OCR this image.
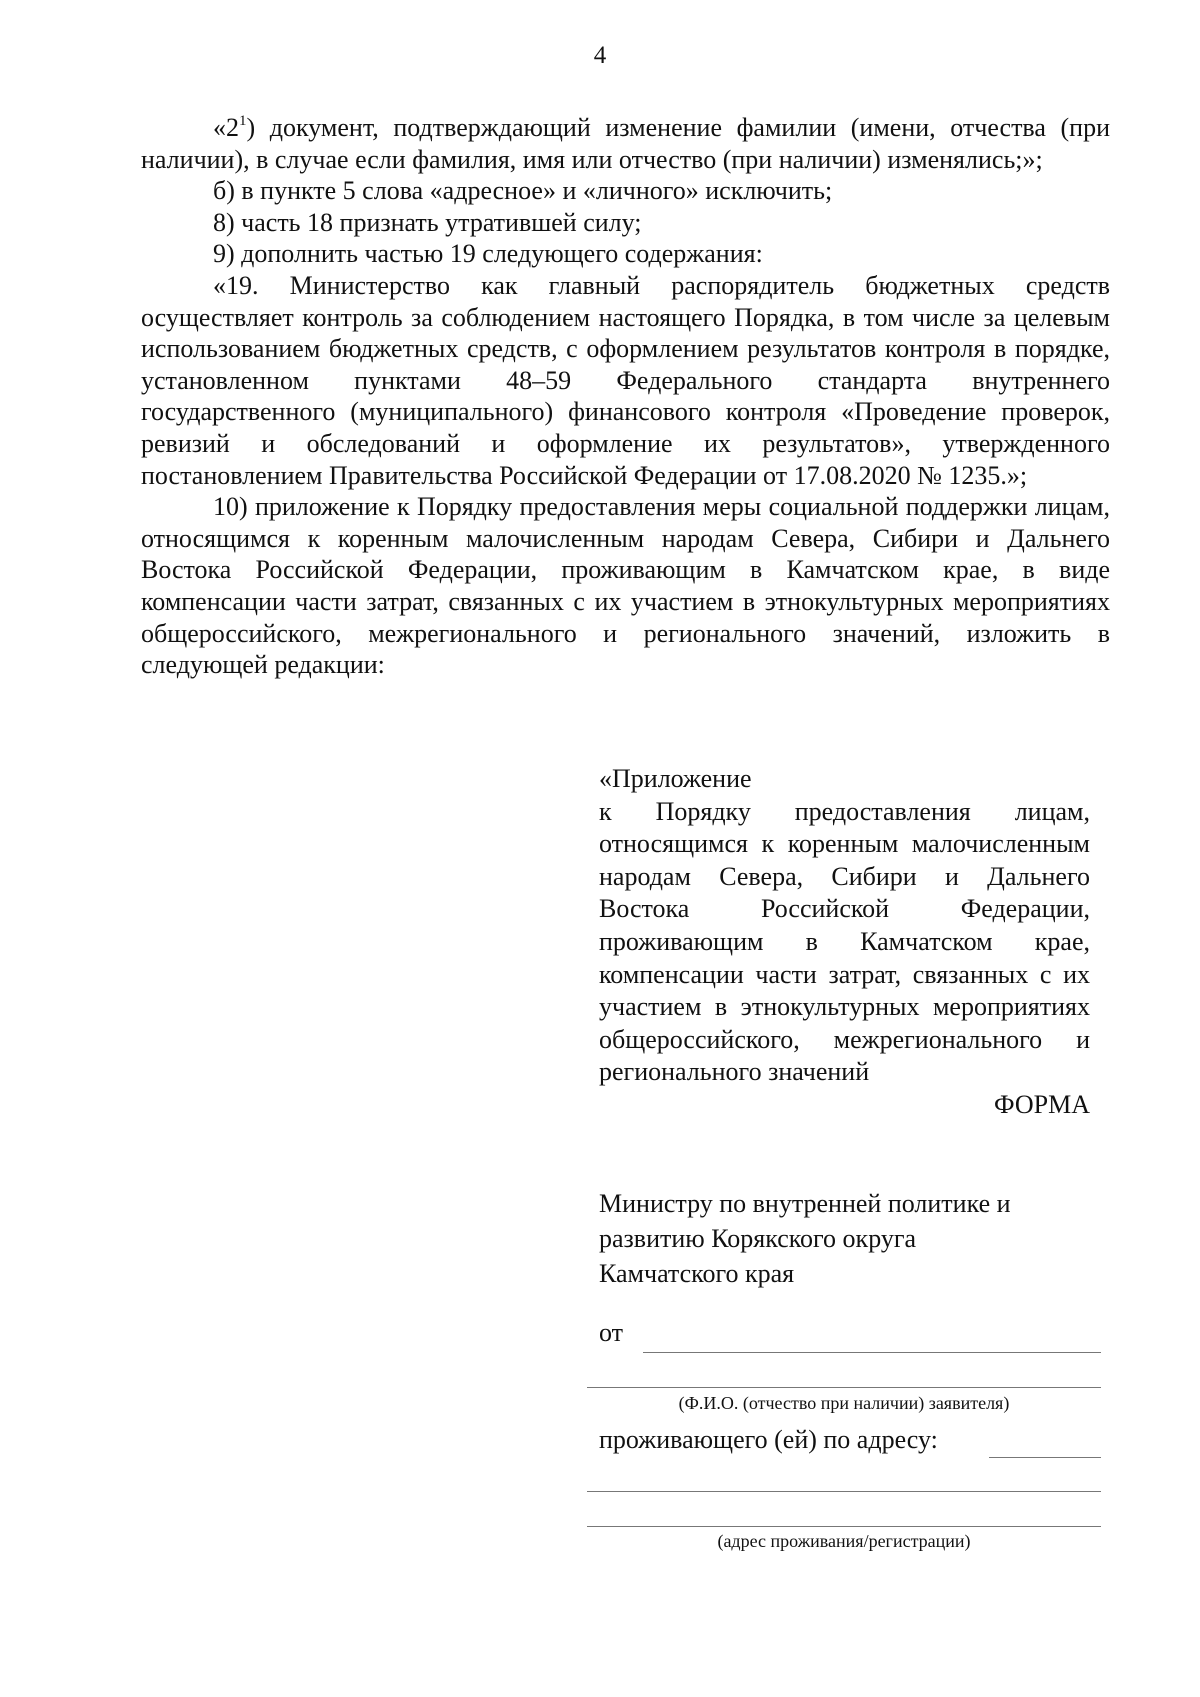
4

«$2^1$) документ, подтверждающий изменение фамилии (имени, отчества (при наличии), в случае если фамилия, имя или отчество (при наличии) изменялись;»;

б) в пункте 5 слова «адресное» и «личного» исключить;

8) часть 18 признать утратившей силу;

9) дополнить частью 19 следующего содержания:

«19. Министерство как главный распорядитель бюджетных средств осуществляет контроль за соблюдением настоящего Порядка, в том числе за целевым использованием бюджетных средств, с оформлением результатов контроля в порядке, установленном пунктами 48–59 Федерального стандарта внутреннего государственного (муниципального) финансового контроля «Проведение проверок, ревизий и обследований и оформление их результатов», утвержденного постановлением Правительства Российской Федерации от 17.08.2020 № 1235.»;

10) приложение к Порядку предоставления меры социальной поддержки лицам, относящимся к коренным малочисленным народам Севера, Сибири и Дальнего Востока Российской Федерации, проживающим в Камчатском крае, в виде компенсации части затрат, связанных с их участием в этнокультурных мероприятиях общероссийского, межрегионального и регионального значений, изложить в следующей редакции:

«Приложение

к Порядку предоставления лицам, относящимся к коренным малочисленным народам Севера, Сибири и Дальнего Востока Российской Федерации, проживающим в Камчатском крае, компенсации части затрат, связанных с их участием в этнокультурных мероприятиях общероссийского, межрегионального и регионального значений

ФОРМА

Министру по внутренней политике и
развитию Корякского округа
Камчатского края
от
(Ф.И.О. (отчество при наличии) заявителя)
проживающего (ей) по адресу:
(адрес проживания/регистрации)
